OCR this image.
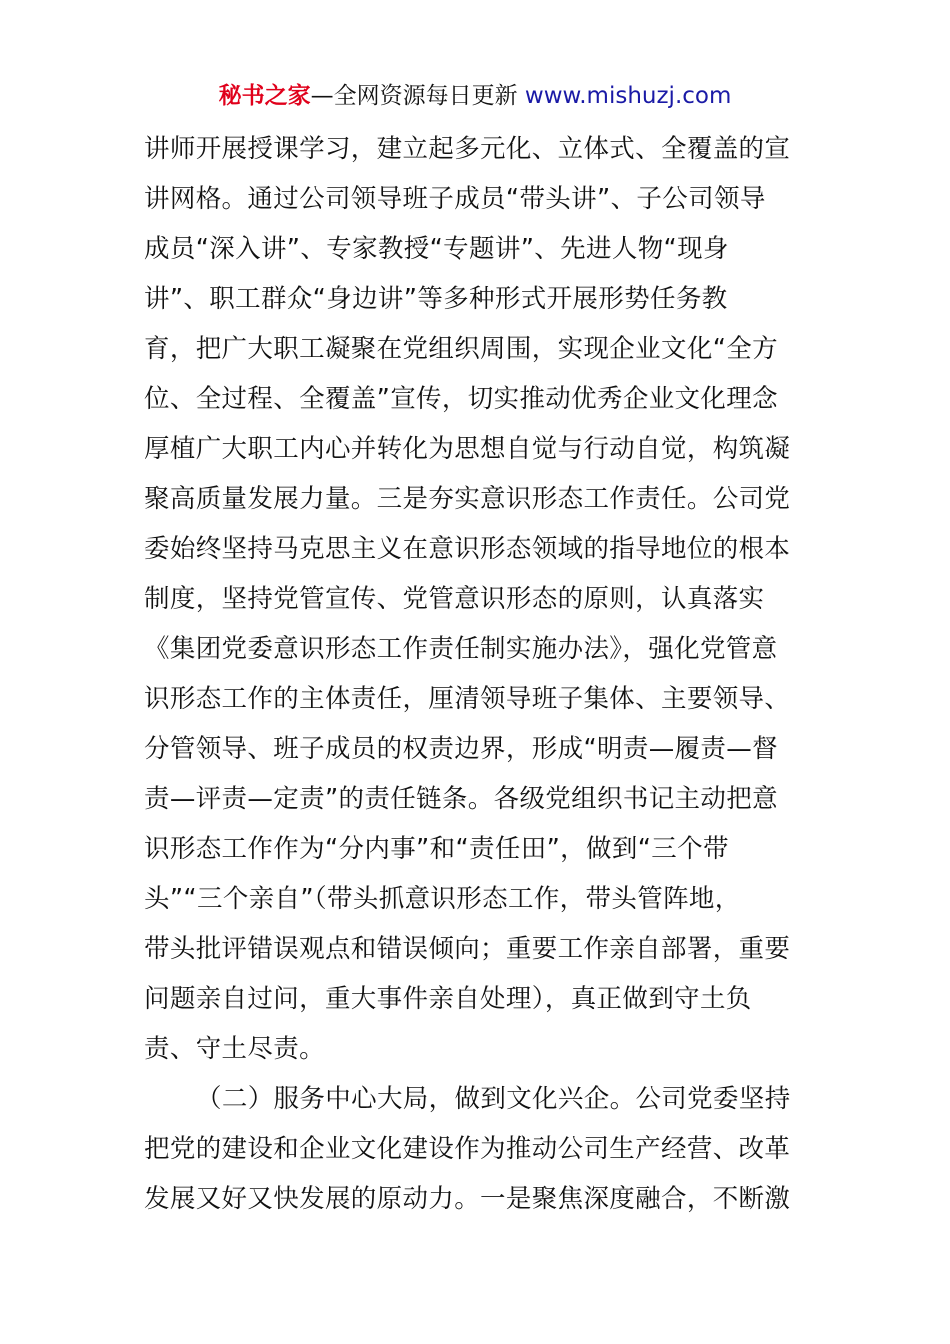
秘书之家—全网资源每日更新 www.mishuzj.com
讲师开展授课学习，建立起多元化、立体式、全覆盖的宣
讲网格。通过公司领导班子成员“带头讲”、子公司领导
成员“深入讲”、专家教授“专题讲”、先进人物“现身
讲”、职工群众“身边讲”等多种形式开展形势任务教
育，把广大职工凝聚在党组织周围，实现企业文化“全方
位、全过程、全覆盖”宣传，切实推动优秀企业文化理念
厚植广大职工内心并转化为思想自觉与行动自觉，构筑凝
聚高质量发展力量。三是夯实意识形态工作责任。公司党
委始终坚持马克思主义在意识形态领域的指导地位的根本
制度，坚持党管宣传、党管意识形态的原则，认真落实
《集团党委意识形态工作责任制实施办法》，强化党管意
识形态工作的主体责任，厘清领导班子集体、主要领导、
分管领导、班子成员的权责边界，形成“明责—履责—督
责—评责—定责”的责任链条。各级党组织书记主动把意
识形态工作作为“分内事”和“责任田”，做到“三个带
头”“三个亲自”（带头抓意识形态工作，带头管阵地，
带头批评错误观点和错误倾向；重要工作亲自部署，重要
问题亲自过问，重大事件亲自处理），真正做到守土负
责、守土尽责。
（二）服务中心大局，做到文化兴企。公司党委坚持
把党的建设和企业文化建设作为推动公司生产经营、改革
发展又好又快发展的原动力。一是聚焦深度融合，不断激
